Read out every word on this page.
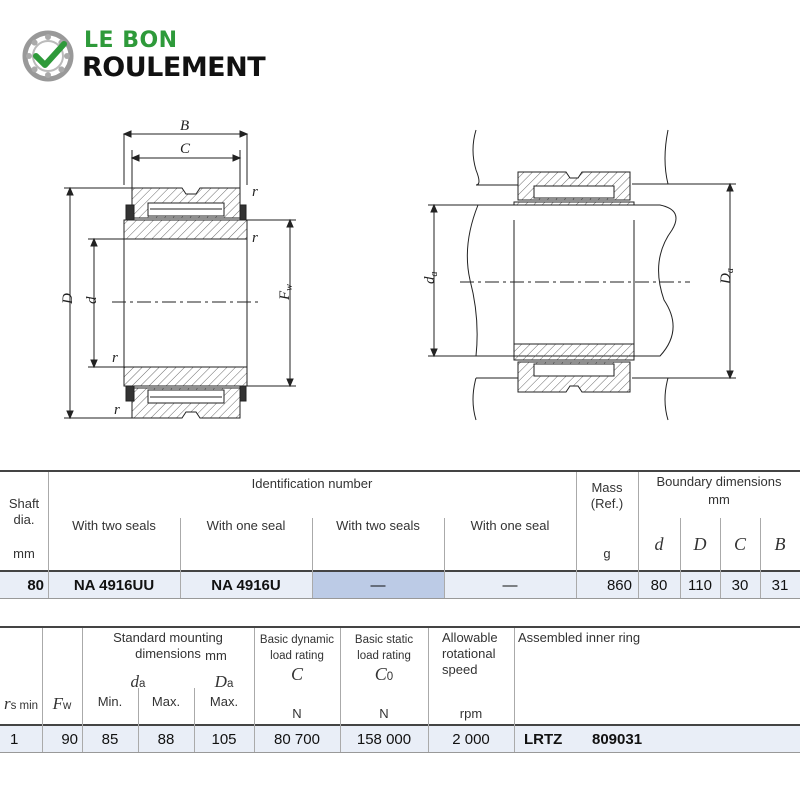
LE BON
ROULEMENT
B
C
D d
$F_w$
r
r
r
r
$d_a$	$D_a$
Shaft
dia.
mm
Identification number
With two seals	With one seal	With two seals	With one seal
Mass
(Ref.)
g
Boundary dimensions
mm
d	D	C	B
80	NA 4916UU	NA 4916U	—	—	860	80	110	30	31
rs min Fw
Standard mounting
dimensions mm
da	Da
Min.	Max.	Max.
Basic dynamic
load rating
C
N
Basic static
load rating
C0
N
Allowable
rotational
speed
rpm
Assembled inner ring
1	90	85	88	105	80 700	158 000	2 000	LRTZ	809031
